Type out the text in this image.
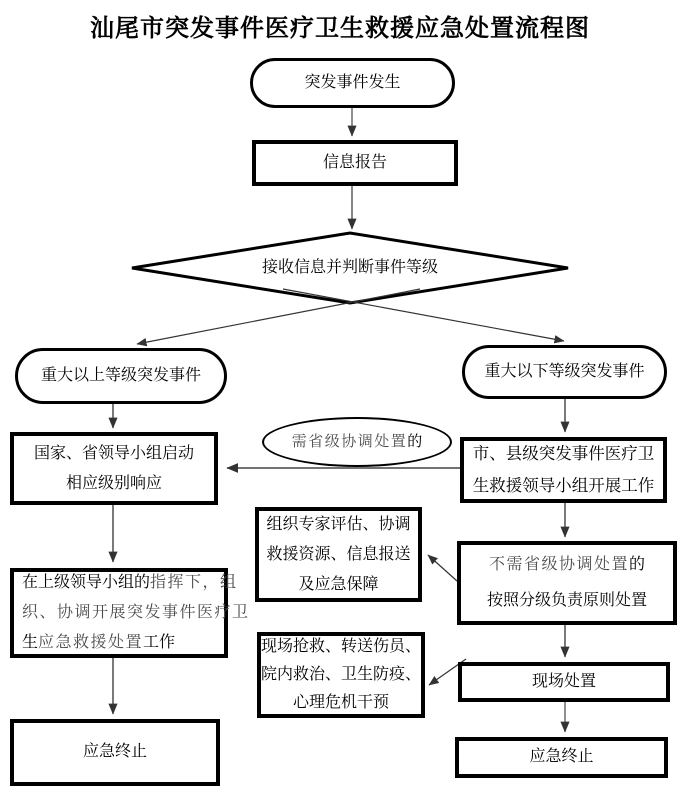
汕尾市突发事件医疗卫生救援应急处置流程图
突发事件发生
信息报告
接收信息并判断事件等级
重大以上等级突发事件	重大以下等级突发事件
国家、省领导小组启动
相应级别响应
需省级协调处置的
市、县级突发事件医疗卫
生救援领导小组开展工作
组织专家评估、协调
救援资源、信息报送
及应急保障
不需省级协调处置的
按照分级负责原则处置
在上级领导小组的指挥下，组
织、协调开展突发事件医疗卫
生应急救援处置工作	现场抢救、转送伤员、
院内救治、卫生防疫、
心理危机干预
现场处置
应急终止	应急终止
